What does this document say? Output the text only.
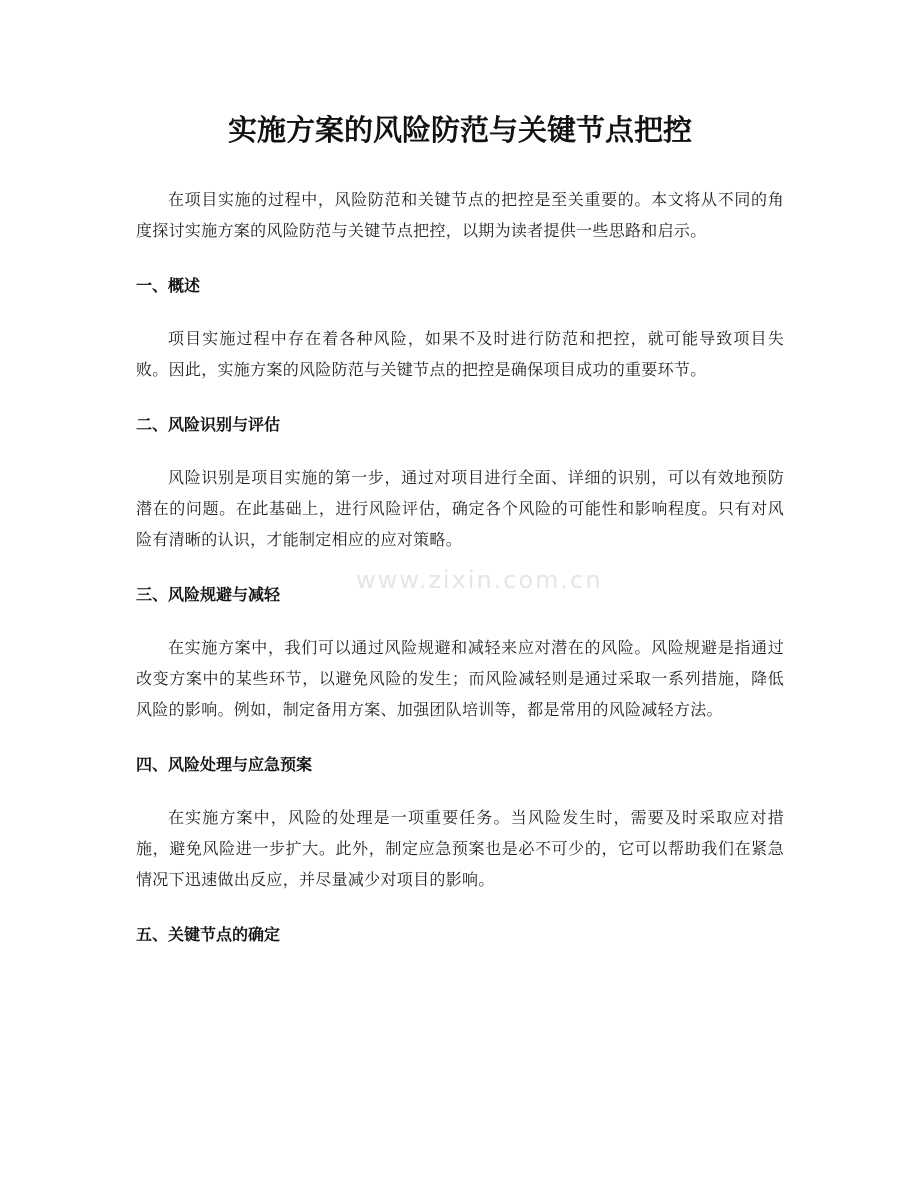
实施方案的风险防范与关键节点把控

在项目实施的过程中，风险防范和关键节点的把控是至关重要的。本文将从不同的角度探讨实施方案的风险防范与关键节点把控，以期为读者提供一些思路和启示。

一、概述

项目实施过程中存在着各种风险，如果不及时进行防范和把控，就可能导致项目失败。因此，实施方案的风险防范与关键节点的把控是确保项目成功的重要环节。

二、风险识别与评估

风险识别是项目实施的第一步，通过对项目进行全面、详细的识别，可以有效地预防潜在的问题。在此基础上，进行风险评估，确定各个风险的可能性和影响程度。只有对风险有清晰的认识，才能制定相应的应对策略。

三、风险规避与减轻

在实施方案中，我们可以通过风险规避和减轻来应对潜在的风险。风险规避是指通过改变方案中的某些环节，以避免风险的发生；而风险减轻则是通过采取一系列措施，降低风险的影响。例如，制定备用方案、加强团队培训等，都是常用的风险减轻方法。

四、风险处理与应急预案

在实施方案中，风险的处理是一项重要任务。当风险发生时，需要及时采取应对措施，避免风险进一步扩大。此外，制定应急预案也是必不可少的，它可以帮助我们在紧急情况下迅速做出反应，并尽量减少对项目的影响。

五、关键节点的确定
www.zixin.com.cn
